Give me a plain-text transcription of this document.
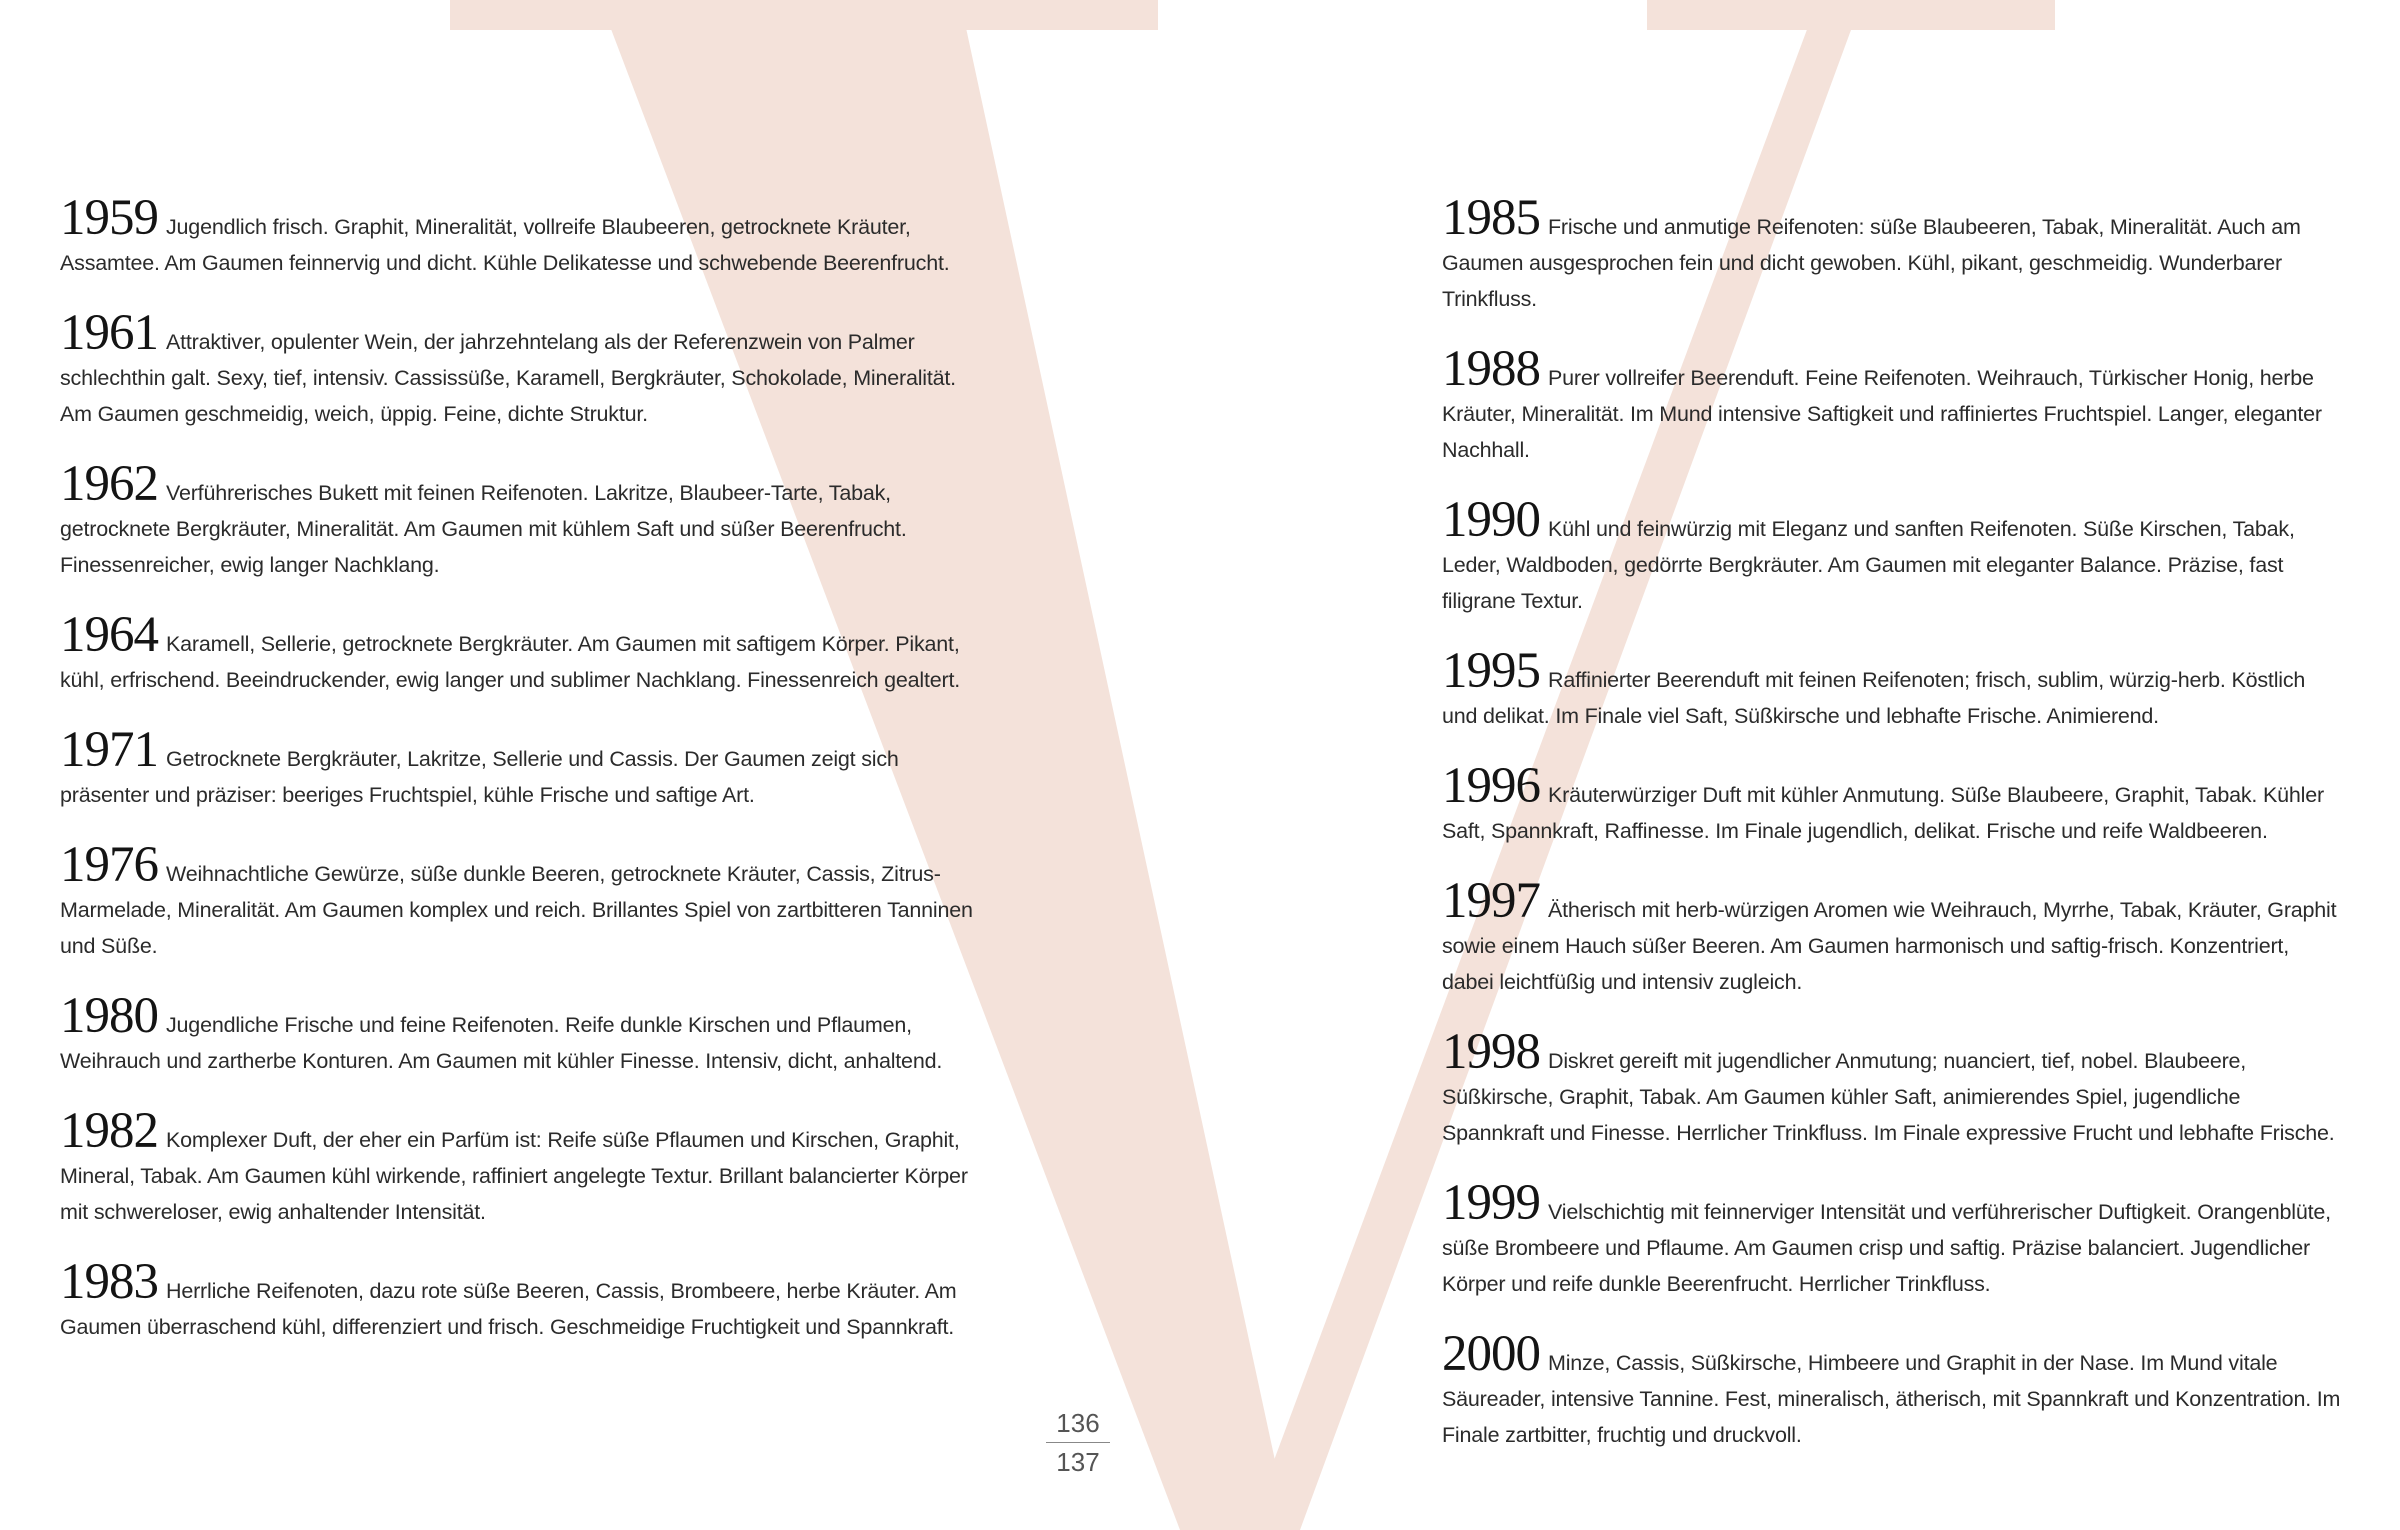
1959 Jugendlich frisch. Graphit, Mineralität, vollreife Blaubeeren, getrocknete Kräuter, Assamtee. Am Gaumen feinnervig und dicht. Kühle Delikatesse und schwebende Beerenfrucht.

1961 Attraktiver, opulenter Wein, der jahrzehntelang als der Referenzwein von Palmer schlechthin galt. Sexy, tief, intensiv. Cassissüße, Karamell, Bergkräuter, Schokolade, Mineralität. Am Gaumen geschmeidig, weich, üppig. Feine, dichte Struktur.

1962 Verführerisches Bukett mit feinen Reifenoten. Lakritze, Blaubeer-Tarte, Tabak, getrocknete Bergkräuter, Mineralität. Am Gaumen mit kühlem Saft und süßer Beerenfrucht. Finessenreicher, ewig langer Nachklang.

1964 Karamell, Sellerie, getrocknete Bergkräuter. Am Gaumen mit saftigem Körper. Pikant, kühl, erfrischend. Beeindruckender, ewig langer und sublimer Nachklang. Finessenreich gealtert.

1971 Getrocknete Bergkräuter, Lakritze, Sellerie und Cassis. Der Gaumen zeigt sich präsenter und präziser: beeriges Fruchtspiel, kühle Frische und saftige Art.

1976 Weihnachtliche Gewürze, süße dunkle Beeren, getrocknete Kräuter, Cassis, Zitrus-Marmelade, Mineralität. Am Gaumen komplex und reich. Brillantes Spiel von zartbitteren Tanninen und Süße.

1980 Jugendliche Frische und feine Reifenoten. Reife dunkle Kirschen und Pflaumen, Weihrauch und zartherbe Konturen. Am Gaumen mit kühler Finesse. Intensiv, dicht, anhaltend.

1982 Komplexer Duft, der eher ein Parfüm ist: Reife süße Pflaumen und Kirschen, Graphit, Mineral, Tabak. Am Gaumen kühl wirkende, raffiniert angelegte Textur. Brillant balancierter Körper mit schwereloser, ewig anhaltender Intensität.

1983 Herrliche Reifenoten, dazu rote süße Beeren, Cassis, Brombeere, herbe Kräuter. Am Gaumen überraschend kühl, differenziert und frisch. Geschmeidige Fruchtigkeit und Spannkraft.

1985 Frische und anmutige Reifenoten: süße Blaubeeren, Tabak, Mineralität. Auch am Gaumen ausgesprochen fein und dicht gewoben. Kühl, pikant, geschmeidig. Wunderbarer Trinkfluss.

1988 Purer vollreifer Beerenduft. Feine Reifenoten. Weihrauch, Türkischer Honig, herbe Kräuter, Mineralität. Im Mund intensive Saftigkeit und raffiniertes Fruchtspiel. Langer, eleganter Nachhall.

1990 Kühl und feinwürzig mit Eleganz und sanften Reifenoten. Süße Kirschen, Tabak, Leder, Waldboden, gedörrte Bergkräuter. Am Gaumen mit eleganter Balance. Präzise, fast filigrane Textur.

1995 Raffinierter Beerenduft mit feinen Reifenoten; frisch, sublim, würzig-herb. Köstlich und delikat. Im Finale viel Saft, Süßkirsche und lebhafte Frische. Animierend.

1996 Kräuterwürziger Duft mit kühler Anmutung. Süße Blaubeere, Graphit, Tabak. Kühler Saft, Spannkraft, Raffinesse. Im Finale jugendlich, delikat. Frische und reife Waldbeeren.

1997 Ätherisch mit herb-würzigen Aromen wie Weihrauch, Myrrhe, Tabak, Kräuter, Graphit sowie einem Hauch süßer Beeren. Am Gaumen harmonisch und saftig-frisch. Konzentriert, dabei leichtfüßig und intensiv zugleich.

1998 Diskret gereift mit jugendlicher Anmutung; nuanciert, tief, nobel. Blaubeere, Süßkirsche, Graphit, Tabak. Am Gaumen kühler Saft, animierendes Spiel, jugendliche Spannkraft und Finesse. Herrlicher Trinkfluss. Im Finale expressive Frucht und lebhafte Frische.

1999 Vielschichtig mit feinnerviger Intensität und verführerischer Duftigkeit. Orangenblüte, süße Brombeere und Pflaume. Am Gaumen crisp und saftig. Präzise balanciert. Jugendlicher Körper und reife dunkle Beerenfrucht. Herrlicher Trinkfluss.

2000 Minze, Cassis, Süßkirsche, Himbeere und Graphit in der Nase. Im Mund vitale Säureader, intensive Tannine. Fest, mineralisch, ätherisch, mit Spannkraft und Konzentration. Im Finale zartbitter, fruchtig und druckvoll.

136
137
